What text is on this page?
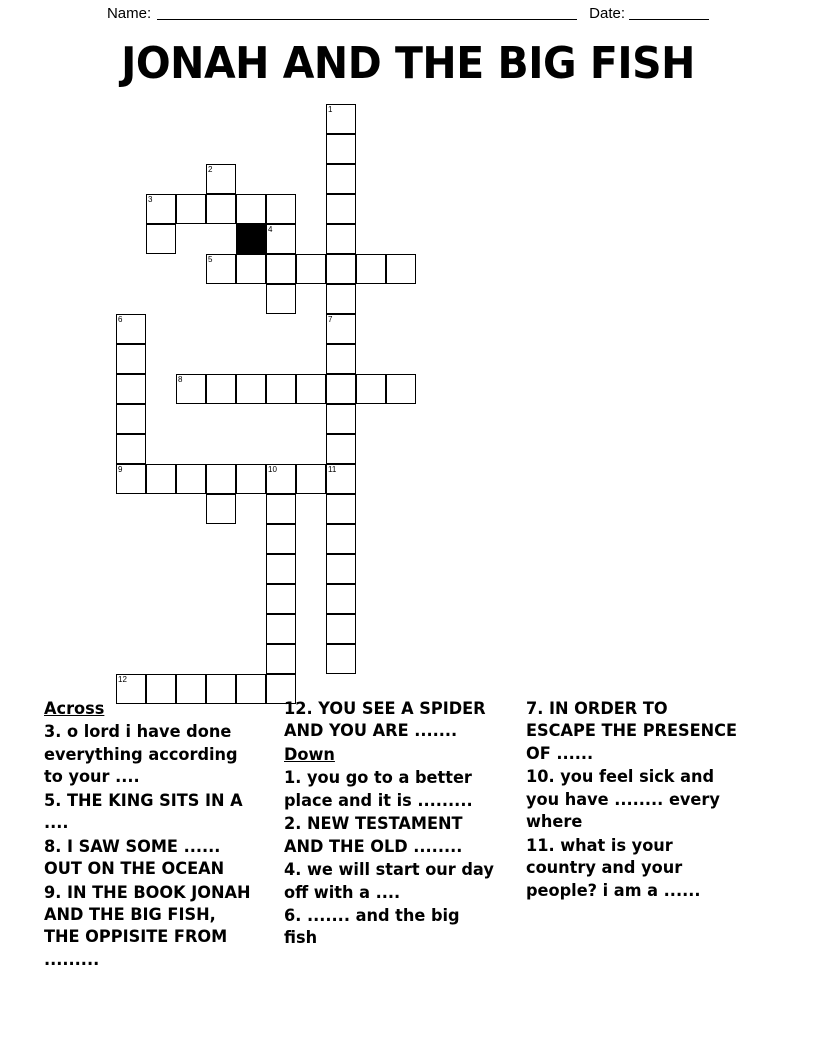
Name:	Date:
JONAH AND THE BIG FISH
1
2
3
4
5
6	7
8
9	10	11
12
Across
3. o lord i have done everything according to your ....
5. THE KING SITS IN A ....
8. I SAW SOME ...... OUT ON THE OCEAN
9. IN THE BOOK JONAH AND THE BIG FISH, THE OPPISITE FROM .........
12. YOU SEE A SPIDER AND YOU ARE .......
Down
1. you go to a better place and it is .........
2. NEW TESTAMENT AND THE OLD ........
4. we will start our day off with a ....
6. ....... and the big fish
7. IN ORDER TO ESCAPE THE PRESENCE OF ......
10. you feel sick and you have ........ every where
11. what is your country and your people? i am a ......
